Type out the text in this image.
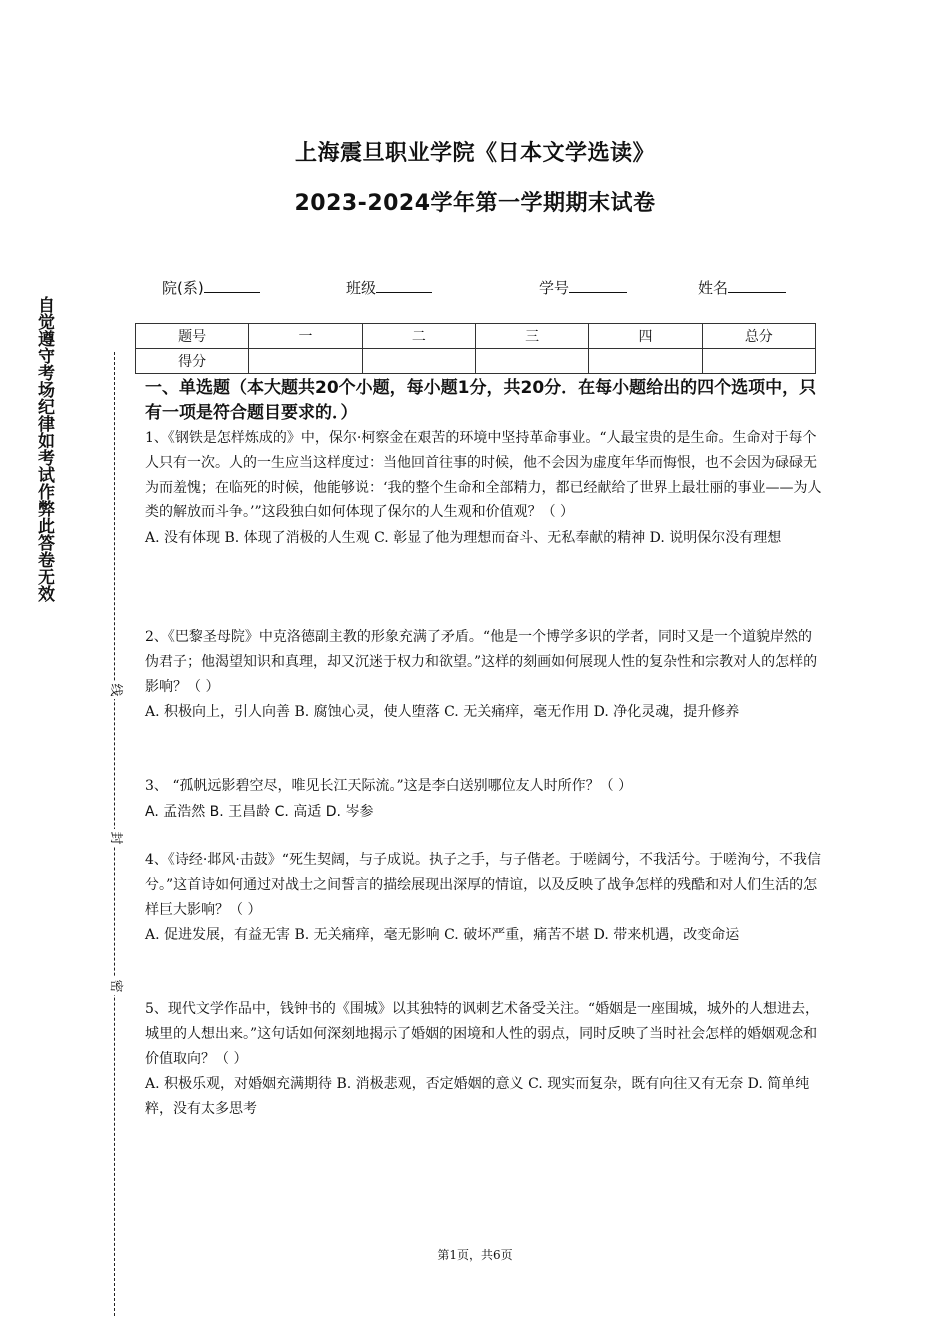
上海震旦职业学院《日本文学选读》
2023-2024学年第一学期期末试卷
院(系)	班级	学号	姓名
题号	一	二	三	四	总分
得分					
自觉遵守考场纪律如考试作弊此答卷无效
线
封
密
一、单选题（本大题共20个小题，每小题1分，共20分．在每小题给出的四个选项中，只有一项是符合题目要求的．）

1、《钢铁是怎样炼成的》中，保尔·柯察金在艰苦的环境中坚持革命事业。“人最宝贵的是生命。生命对于每个人只有一次。人的一生应当这样度过：当他回首往事的时候，他不会因为虚度年华而悔恨，也不会因为碌碌无为而羞愧；在临死的时候，他能够说：‘我的整个生命和全部精力，都已经献给了世界上最壮丽的事业——为人类的解放而斗争。’”这段独白如何体现了保尔的人生观和价值观？（ ）

A. 没有体现 B. 体现了消极的人生观 C. 彰显了他为理想而奋斗、无私奉献的精神 D. 说明保尔没有理想

2、《巴黎圣母院》中克洛德副主教的形象充满了矛盾。“他是一个博学多识的学者，同时又是一个道貌岸然的伪君子；他渴望知识和真理，却又沉迷于权力和欲望。”这样的刻画如何展现人性的复杂性和宗教对人的怎样的影响？（ ）

A. 积极向上，引人向善 B. 腐蚀心灵，使人堕落 C. 无关痛痒，毫无作用 D. 净化灵魂，提升修养

3、 “孤帆远影碧空尽，唯见长江天际流。”这是李白送别哪位友人时所作？（ ）

A. 孟浩然 B. 王昌龄 C. 高适 D. 岑参

4、《诗经·邶风·击鼓》“死生契阔，与子成说。执子之手，与子偕老。于嗟阔兮，不我活兮。于嗟洵兮，不我信兮。”这首诗如何通过对战士之间誓言的描绘展现出深厚的情谊，以及反映了战争怎样的残酷和对人们生活的怎样巨大影响？（ ）

A. 促进发展，有益无害 B. 无关痛痒，毫无影响 C. 破坏严重，痛苦不堪 D. 带来机遇，改变命运

5、现代文学作品中，钱钟书的《围城》以其独特的讽刺艺术备受关注。“婚姻是一座围城，城外的人想进去，城里的人想出来。”这句话如何深刻地揭示了婚姻的困境和人性的弱点，同时反映了当时社会怎样的婚姻观念和价值取向？（ ）

A. 积极乐观，对婚姻充满期待 B. 消极悲观，否定婚姻的意义 C. 现实而复杂，既有向往又有无奈 D. 简单纯粹，没有太多思考

第1页，共6页
